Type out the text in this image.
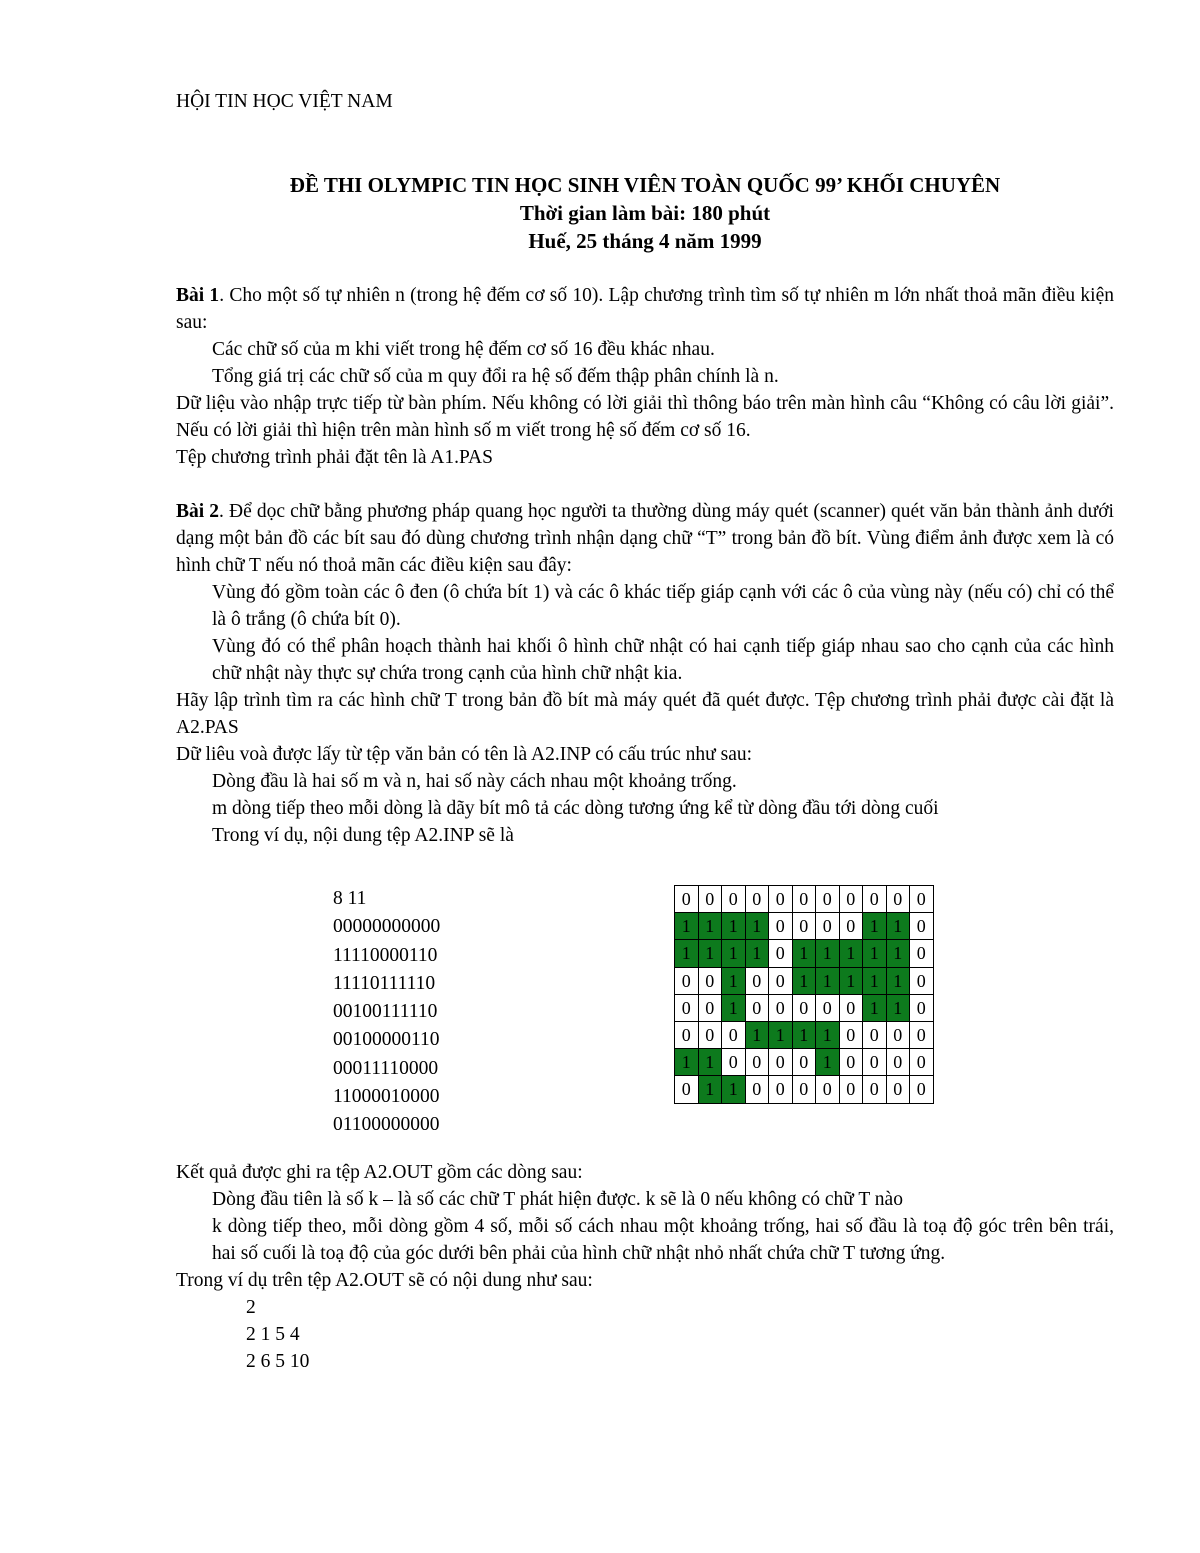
HỘI TIN HỌC VIỆT NAM

ĐỀ THI OLYMPIC TIN HỌC SINH VIÊN TOÀN QUỐC 99’ KHỐI CHUYÊN
Thời gian làm bài: 180 phút
Huế, 25 tháng 4 năm 1999

Bài 1. Cho một số tự nhiên n (trong hệ đếm cơ số 10). Lập chương trình tìm số tự nhiên m lớn nhất thoả mãn điều kiện sau:

Các chữ số của m khi viết trong hệ đếm cơ số 16 đều khác nhau.

Tổng giá trị các chữ số của m quy đổi ra hệ số đếm thập phân chính là n.

Dữ liệu vào nhập trực tiếp từ bàn phím. Nếu không có lời giải thì thông báo trên màn hình câu “Không có câu lời giải”. Nếu có lời giải thì hiện trên màn hình số m viết trong hệ số đếm cơ số 16.

Tệp chương trình phải đặt tên là A1.PAS

Bài 2. Để dọc chữ bằng phương pháp quang học người ta thường dùng máy quét (scanner) quét văn bản thành ảnh dưới dạng một bản đồ các bít sau đó dùng chương trình nhận dạng chữ “T” trong bản đồ bít. Vùng điểm ảnh được xem là có hình chữ T nếu nó thoả mãn các điều kiện sau đây:

Vùng đó gồm toàn các ô đen (ô chứa bít 1) và các ô khác tiếp giáp cạnh với các ô của vùng này (nếu có) chỉ có thể là ô trắng (ô chứa bít 0).

Vùng đó có thể phân hoạch thành hai khối ô hình chữ nhật có hai cạnh tiếp giáp nhau sao cho cạnh của các hình chữ nhật này thực sự chứa trong cạnh của hình chữ nhật kia.

Hãy lập trình tìm ra các hình chữ T trong bản đồ bít mà máy quét đã quét được. Tệp chương trình phải được cài đặt là A2.PAS

Dữ liêu voà được lấy từ tệp văn bản có tên là A2.INP có cấu trúc như sau:

Dòng đầu là hai số m và n, hai số này cách nhau một khoảng trống.

m dòng tiếp theo mỗi dòng là dãy bít mô tả các dòng tương ứng kể từ dòng đầu tới dòng cuối

Trong ví dụ, nội dung tệp A2.INP sẽ là

8 11
00000000000
11110000110
11110111110
00100111110
00100000110
00011110000
11000010000
01100000000
0	0	0	0	0	0	0	0	0	0	0
1	1	1	1	0	0	0	0	1	1	0
1	1	1	1	0	1	1	1	1	1	0
0	0	1	0	0	1	1	1	1	1	0
0	0	1	0	0	0	0	0	1	1	0
0	0	0	1	1	1	1	0	0	0	0
1	1	0	0	0	0	1	0	0	0	0
0	1	1	0	0	0	0	0	0	0	0

Kết quả được ghi ra tệp A2.OUT gồm các dòng sau:

Dòng đầu tiên là số k – là số các chữ T phát hiện được. k sẽ là 0 nếu không có chữ T nào

k dòng tiếp theo, mỗi dòng gồm 4 số, mỗi số cách nhau một khoảng trống, hai số đầu là toạ độ góc trên bên trái, hai số cuối là toạ độ của góc dưới bên phải của hình chữ nhật nhỏ nhất chứa chữ T tương ứng.

Trong ví dụ trên tệp A2.OUT sẽ có nội dung như sau:

2
2 1 5 4
2 6 5 10
